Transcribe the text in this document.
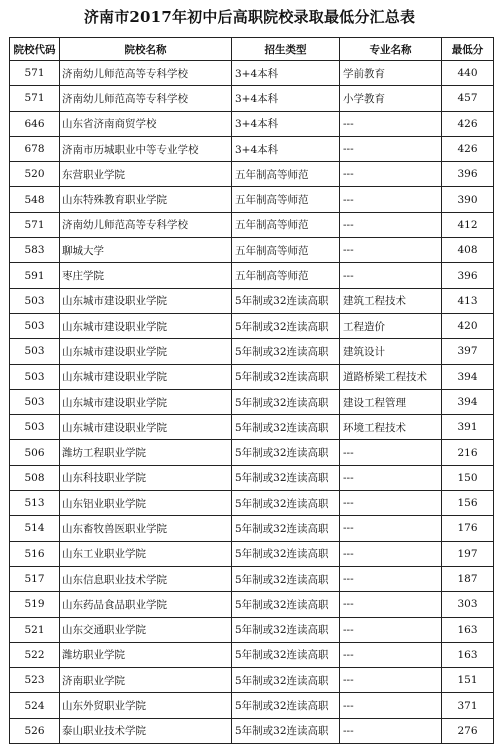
济南市2017年初中后高职院校录取最低分汇总表
院校代码	院校名称	招生类型	专业名称	最低分
571	济南幼儿师范高等专科学校	3+4本科	学前教育	440
571	济南幼儿师范高等专科学校	3+4本科	小学教育	457
646	山东省济南商贸学校	3+4本科	---	426
678	济南市历城职业中等专业学校	3+4本科	---	426
520	东营职业学院	五年制高等师范	---	396
548	山东特殊教育职业学院	五年制高等师范	---	390
571	济南幼儿师范高等专科学校	五年制高等师范	---	412
583	聊城大学	五年制高等师范	---	408
591	枣庄学院	五年制高等师范	---	396
503	山东城市建设职业学院	5年制或32连读高职	建筑工程技术	413
503	山东城市建设职业学院	5年制或32连读高职	工程造价	420
503	山东城市建设职业学院	5年制或32连读高职	建筑设计	397
503	山东城市建设职业学院	5年制或32连读高职	道路桥梁工程技术	394
503	山东城市建设职业学院	5年制或32连读高职	建设工程管理	394
503	山东城市建设职业学院	5年制或32连读高职	环境工程技术	391
506	潍坊工程职业学院	5年制或32连读高职	---	216
508	山东科技职业学院	5年制或32连读高职	---	150
513	山东铝业职业学院	5年制或32连读高职	---	156
514	山东畜牧兽医职业学院	5年制或32连读高职	---	176
516	山东工业职业学院	5年制或32连读高职	---	197
517	山东信息职业技术学院	5年制或32连读高职	---	187
519	山东药品食品职业学院	5年制或32连读高职	---	303
521	山东交通职业学院	5年制或32连读高职	---	163
522	潍坊职业学院	5年制或32连读高职	---	163
523	济南职业学院	5年制或32连读高职	---	151
524	山东外贸职业学院	5年制或32连读高职	---	371
526	泰山职业技术学院	5年制或32连读高职	---	276
